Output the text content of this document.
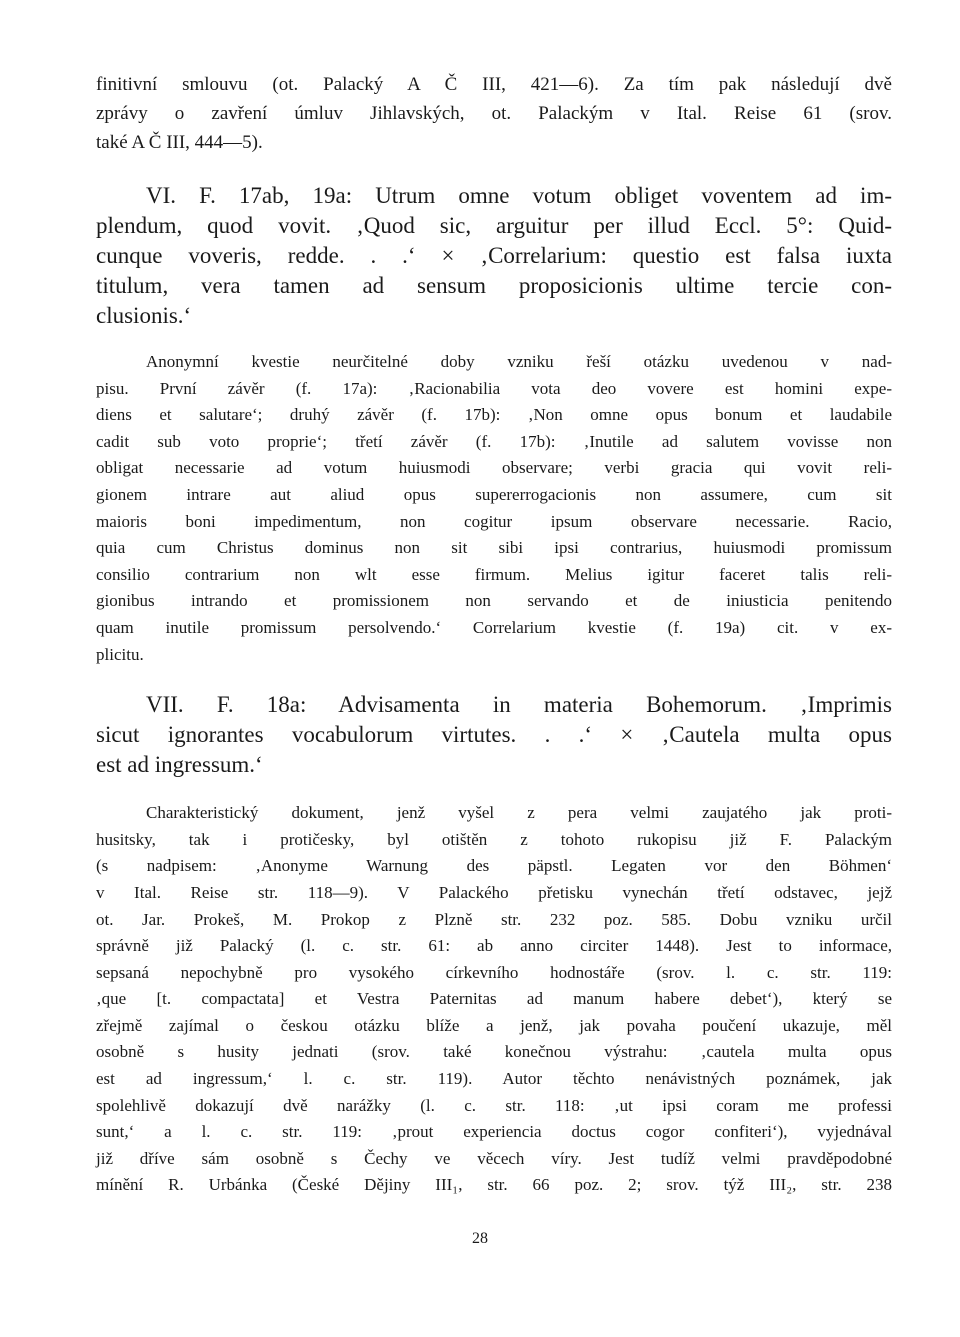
finitivní smlouvu (ot. Palacký A Č III, 421—6). Za tím pak následují dvě
zprávy o zavření úmluv Jihlavských, ot. Palackým v Ital. Reise 61 (srov.
také A Č III, 444—5).
VI. F. 17ab, 19a: Utrum omne votum obliget voventem ad im-
plendum, quod vovit. ‚Quod sic, arguitur per illud Eccl. 5°: Quid-
cunque voveris, redde. . .‘ × ‚Correlarium: questio est falsa iuxta
titulum, vera tamen ad sensum proposicionis ultime tercie con-
clusionis.‘
Anonymní kvestie neurčitelné doby vzniku řeší otázku uvedenou v nad-
pisu. První závěr (f. 17a): ‚Racionabilia vota deo vovere est homini expe-
diens et salutare‘; druhý závěr (f. 17b): ‚Non omne opus bonum et laudabile
cadit sub voto proprie‘; třetí závěr (f. 17b): ‚Inutile ad salutem vovisse non
obligat necessarie ad votum huiusmodi observare; verbi gracia qui vovit reli-
gionem intrare aut aliud opus supererrogacionis non assumere, cum sit
maioris boni impedimentum, non cogitur ipsum observare necessarie. Racio,
quia cum Christus dominus non sit sibi ipsi contrarius, huiusmodi promissum
consilio contrarium non wlt esse firmum. Melius igitur faceret talis reli-
gionibus intrando et promissionem non servando et de iniusticia penitendo
quam inutile promissum persolvendo.‘ Correlarium kvestie (f. 19a) cit. v ex-
plicitu.
VII. F. 18a: Advisamenta in materia Bohemorum. ‚Imprimis
sicut ignorantes vocabulorum virtutes. . .‘ × ‚Cautela multa opus
est ad ingressum.‘
Charakteristický dokument, jenž vyšel z pera velmi zaujatého jak proti-
husitsky, tak i protičesky, byl otištěn z tohoto rukopisu již F. Palackým
(s nadpisem: ‚Anonyme Warnung des päpstl. Legaten vor den Böhmen‘
v Ital. Reise str. 118—9). V Palackého přetisku vynechán třetí odstavec, jejž
ot. Jar. Prokeš, M. Prokop z Plzně str. 232 poz. 585. Dobu vzniku určil
správně již Palacký (l. c. str. 61: ab anno circiter 1448). Jest to informace,
sepsaná nepochybně pro vysokého církevního hodnostáře (srov. l. c. str. 119:
‚que [t. compactata] et Vestra Paternitas ad manum habere debet‘), který se
zřejmě zajímal o českou otázku blíže a jenž, jak povaha poučení ukazuje, měl
osobně s husity jednati (srov. také konečnou výstrahu: ‚cautela multa opus
est ad ingressum,‘ l. c. str. 119). Autor těchto nenávistných poznámek, jak
spolehlivě dokazují dvě narážky (l. c. str. 118: ‚ut ipsi coram me professi
sunt,‘ a l. c. str. 119: ‚prout experiencia doctus cogor confiteri‘), vyjednával
již dříve sám osobně s Čechy ve věcech víry. Jest tudíž velmi pravděpodobné
mínění R. Urbánka (České Dějiny III₁, str. 66 poz. 2; srov. týž III₂, str. 238
28
